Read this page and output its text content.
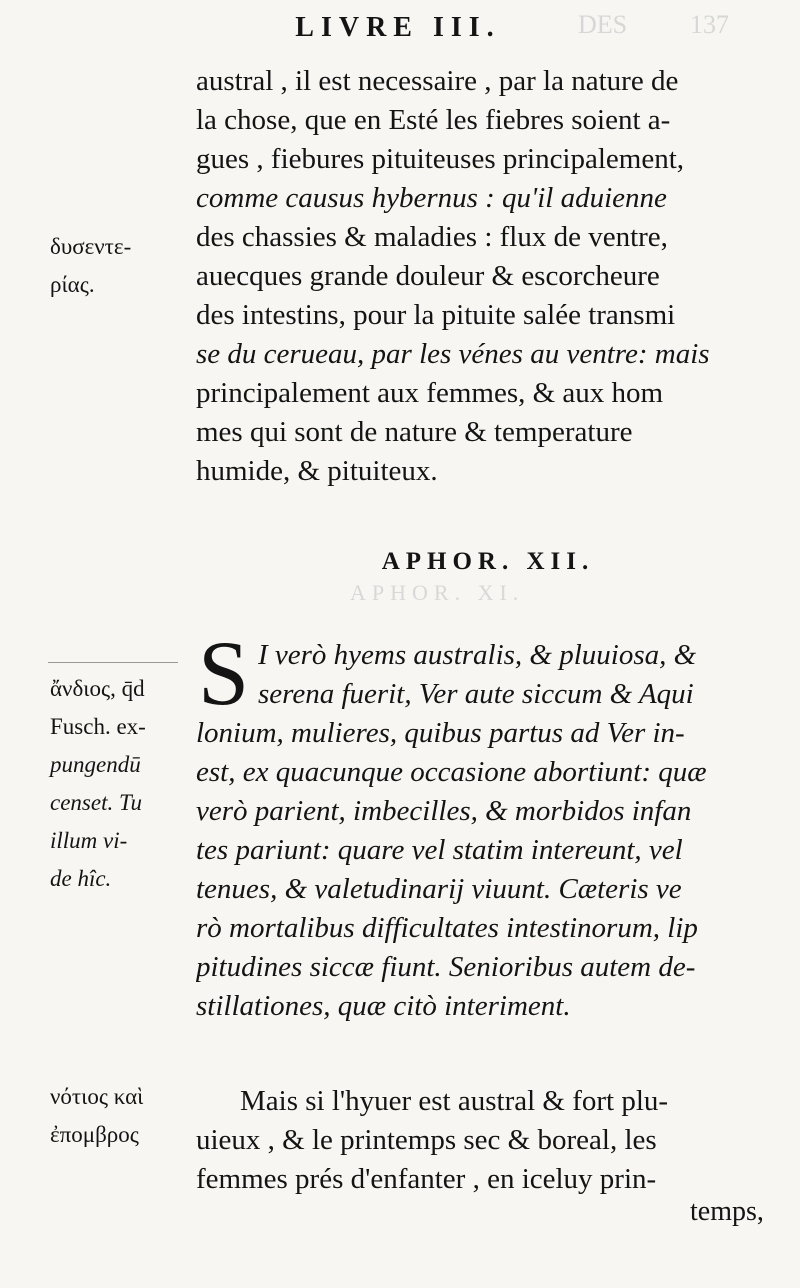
DES 137
LIVRE III.
δυσεντε-
ρίας.
austral , il est necessaire , par la nature de
la chose, que en Esté les fiebres soient a-
gues , fiebures pituiteuses principalement,
comme causus hybernus : qu'il aduienne
des chassies & maladies : flux de ventre,
auecques grande douleur & escorcheure
des intestins, pour la pituite salée transmi
se du cerueau, par les vénes au ventre: mais
principalement aux femmes, & aux hom
mes qui sont de nature & temperature
humide, & pituiteux.
APHOR. XII.
APHOR. XI.
ἄνδιος, q̄d
Fusch. ex-
pungendū
censet. Tu
illum vi-
de hîc.
S I verò hyems australis, & pluuiosa, &
serena fuerit, Ver aute siccum & Aqui
lonium, mulieres, quibus partus ad Ver in-
est, ex quacunque occasione abortiunt: quæ
verò parient, imbecilles, & morbidos infan
tes pariunt: quare vel statim intereunt, vel
tenues, & valetudinarij viuunt. Cæteris ve
rò mortalibus difficultates intestinorum, lip
pitudines siccæ fiunt. Senioribus autem de-
stillationes, quæ citò interiment.
νότιος καὶ
ἐπομβρος
Mais si l'hyuer est austral & fort plu-
uieux , & le printemps sec & boreal, les
femmes prés d'enfanter , en iceluy prin-
temps,
